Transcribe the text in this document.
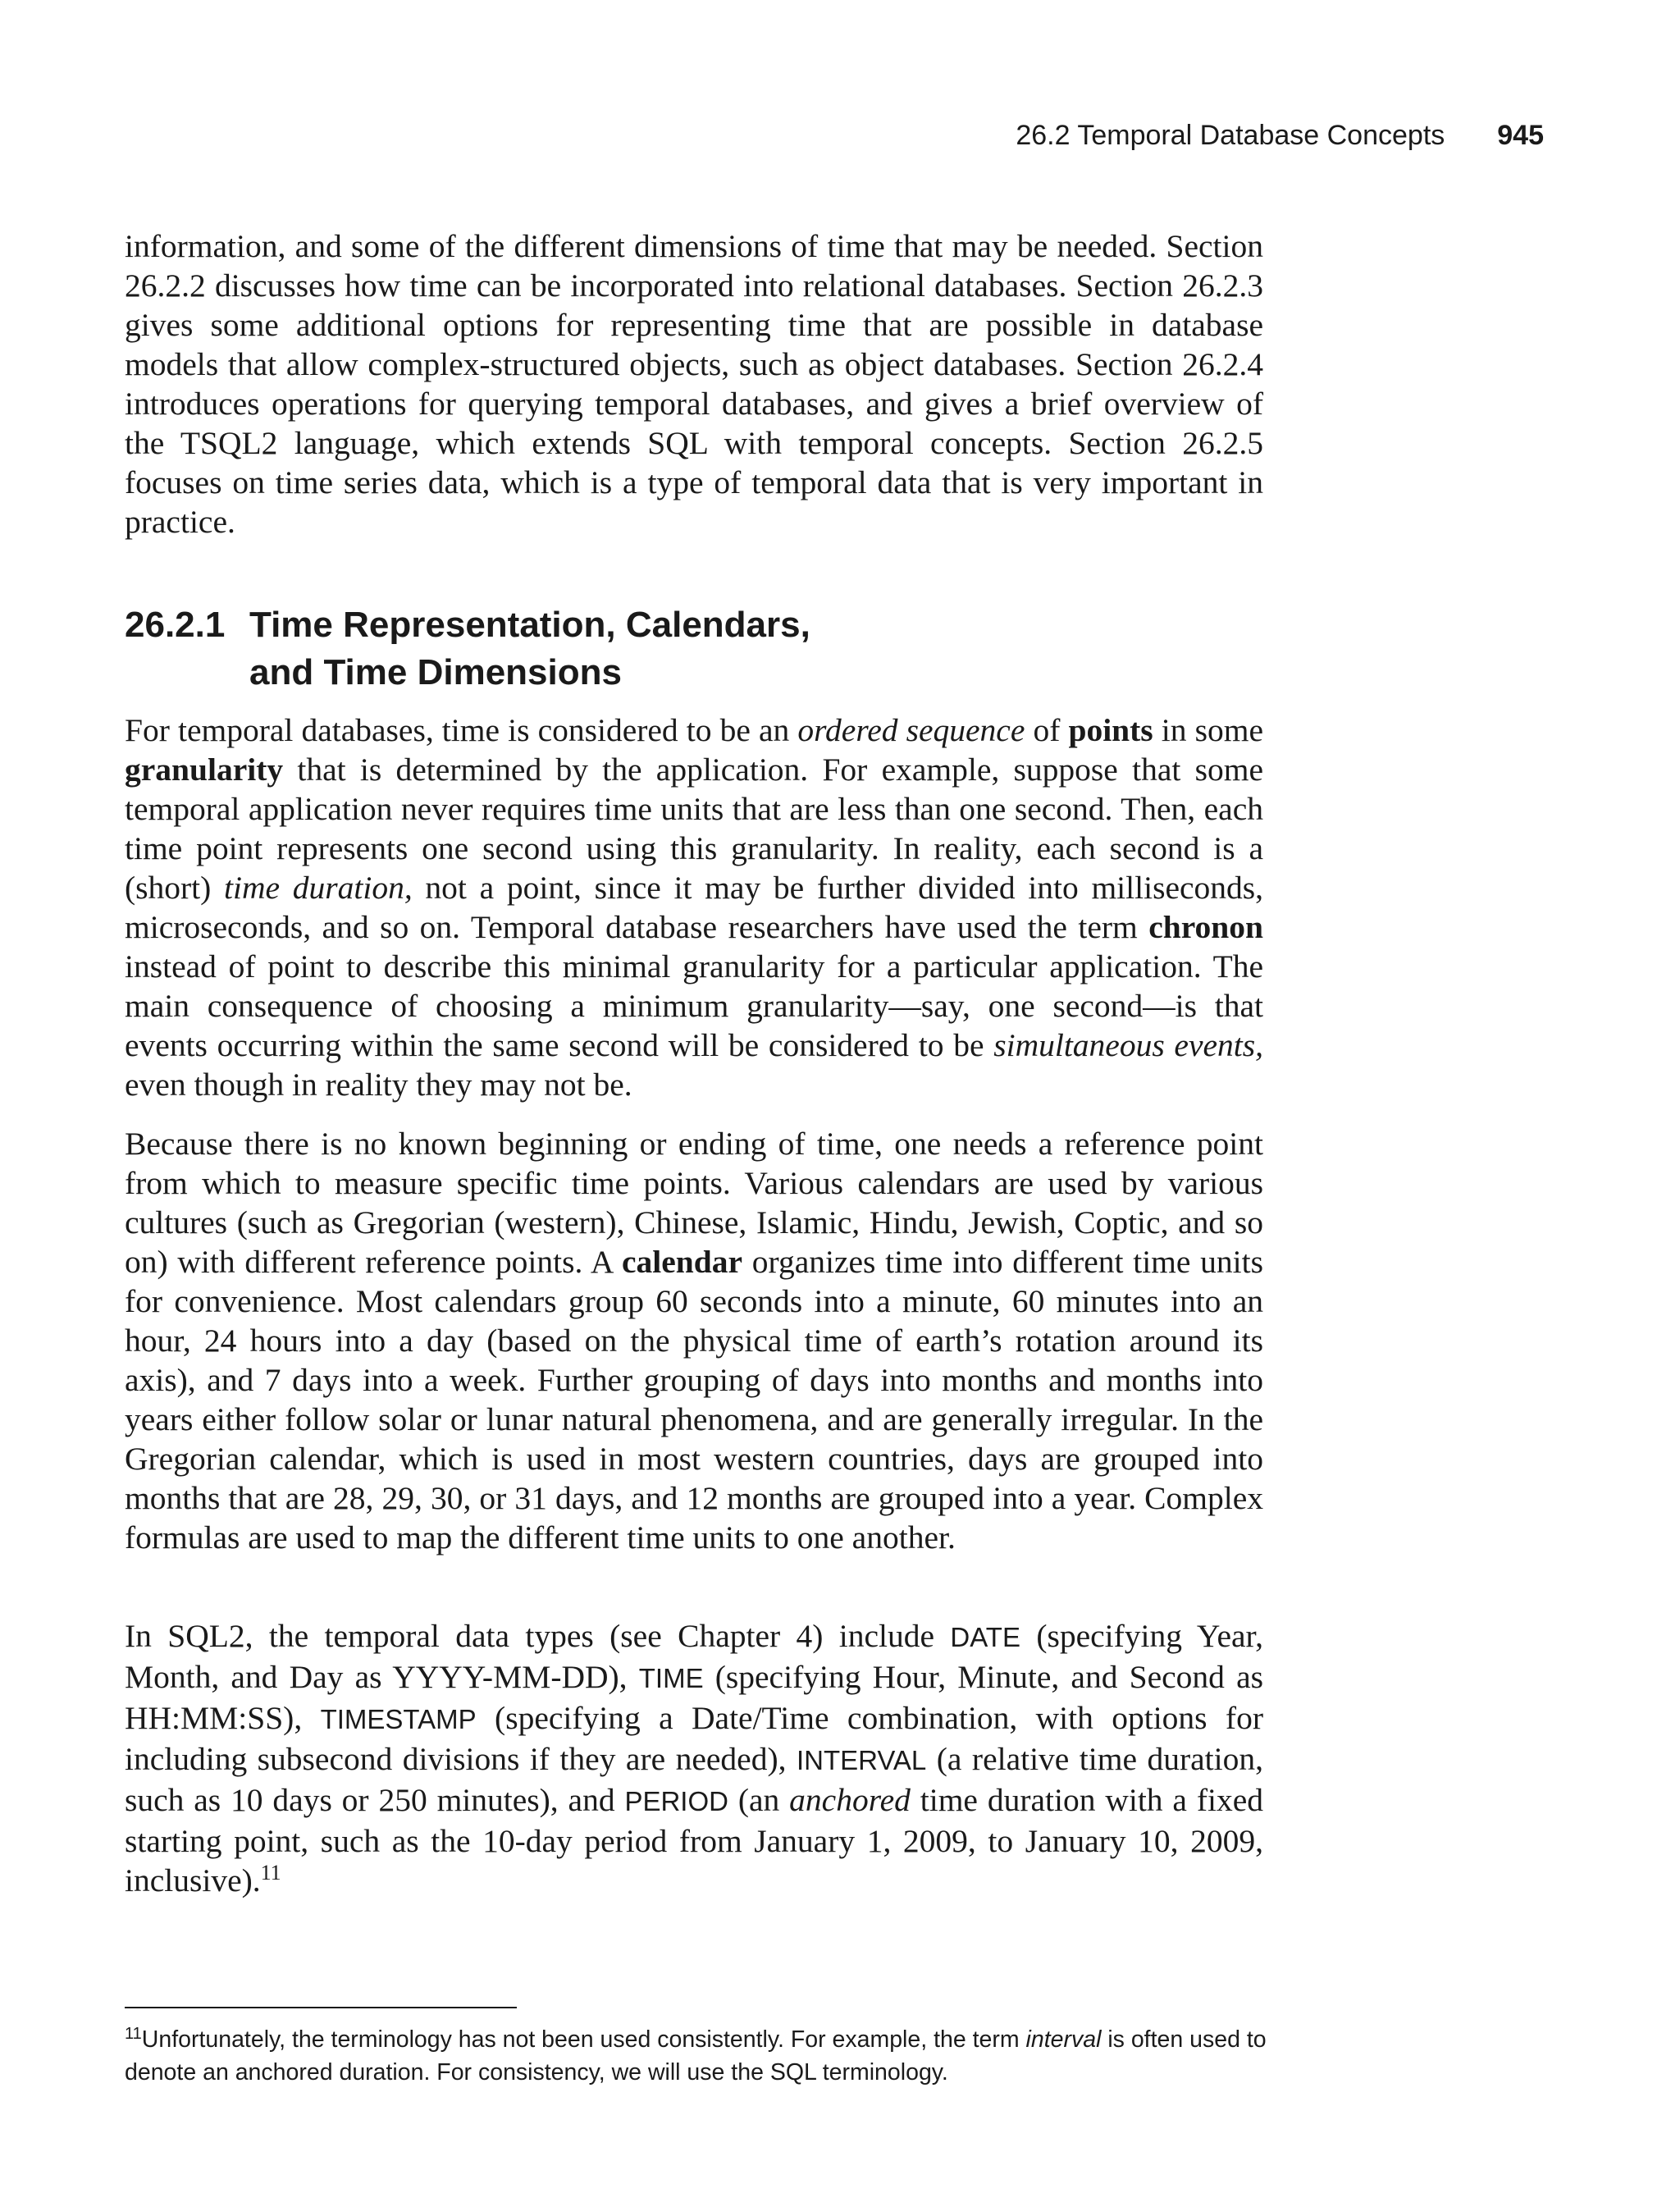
26.2 Temporal Database Concepts 945

information, and some of the different dimensions of time that may be needed. Section 26.2.2 discusses how time can be incorporated into relational databases. Section 26.2.3 gives some additional options for representing time that are possible in database models that allow complex-structured objects, such as object databases. Section 26.2.4 introduces operations for querying temporal databases, and gives a brief overview of the TSQL2 language, which extends SQL with temporal concepts. Section 26.2.5 focuses on time series data, which is a type of temporal data that is very important in practice.

26.2.1 Time Representation, Calendars,
and Time Dimensions

For temporal databases, time is considered to be an ordered sequence of points in some granularity that is determined by the application. For example, suppose that some temporal application never requires time units that are less than one second. Then, each time point represents one second using this granularity. In reality, each second is a (short) time duration, not a point, since it may be further divided into milliseconds, microseconds, and so on. Temporal database researchers have used the term chronon instead of point to describe this minimal granularity for a particular application. The main consequence of choosing a minimum granularity—say, one second—is that events occurring within the same second will be considered to be simultaneous events, even though in reality they may not be.

Because there is no known beginning or ending of time, one needs a reference point from which to measure specific time points. Various calendars are used by various cultures (such as Gregorian (western), Chinese, Islamic, Hindu, Jewish, Coptic, and so on) with different reference points. A calendar organizes time into different time units for convenience. Most calendars group 60 seconds into a minute, 60 minutes into an hour, 24 hours into a day (based on the physical time of earth’s rotation around its axis), and 7 days into a week. Further grouping of days into months and months into years either follow solar or lunar natural phenomena, and are generally irregular. In the Gregorian calendar, which is used in most western countries, days are grouped into months that are 28, 29, 30, or 31 days, and 12 months are grouped into a year. Complex formulas are used to map the different time units to one another.

In SQL2, the temporal data types (see Chapter 4) include DATE (specifying Year, Month, and Day as YYYY-MM-DD), TIME (specifying Hour, Minute, and Second as HH:MM:SS), TIMESTAMP (specifying a Date/Time combination, with options for including subsecond divisions if they are needed), INTERVAL (a relative time duration, such as 10 days or 250 minutes), and PERIOD (an anchored time duration with a fixed starting point, such as the 10-day period from January 1, 2009, to January 10, 2009, inclusive).$^{11}$

$^{11}$Unfortunately, the terminology has not been used consistently. For example, the term interval is often used to denote an anchored duration. For consistency, we will use the SQL terminology.
